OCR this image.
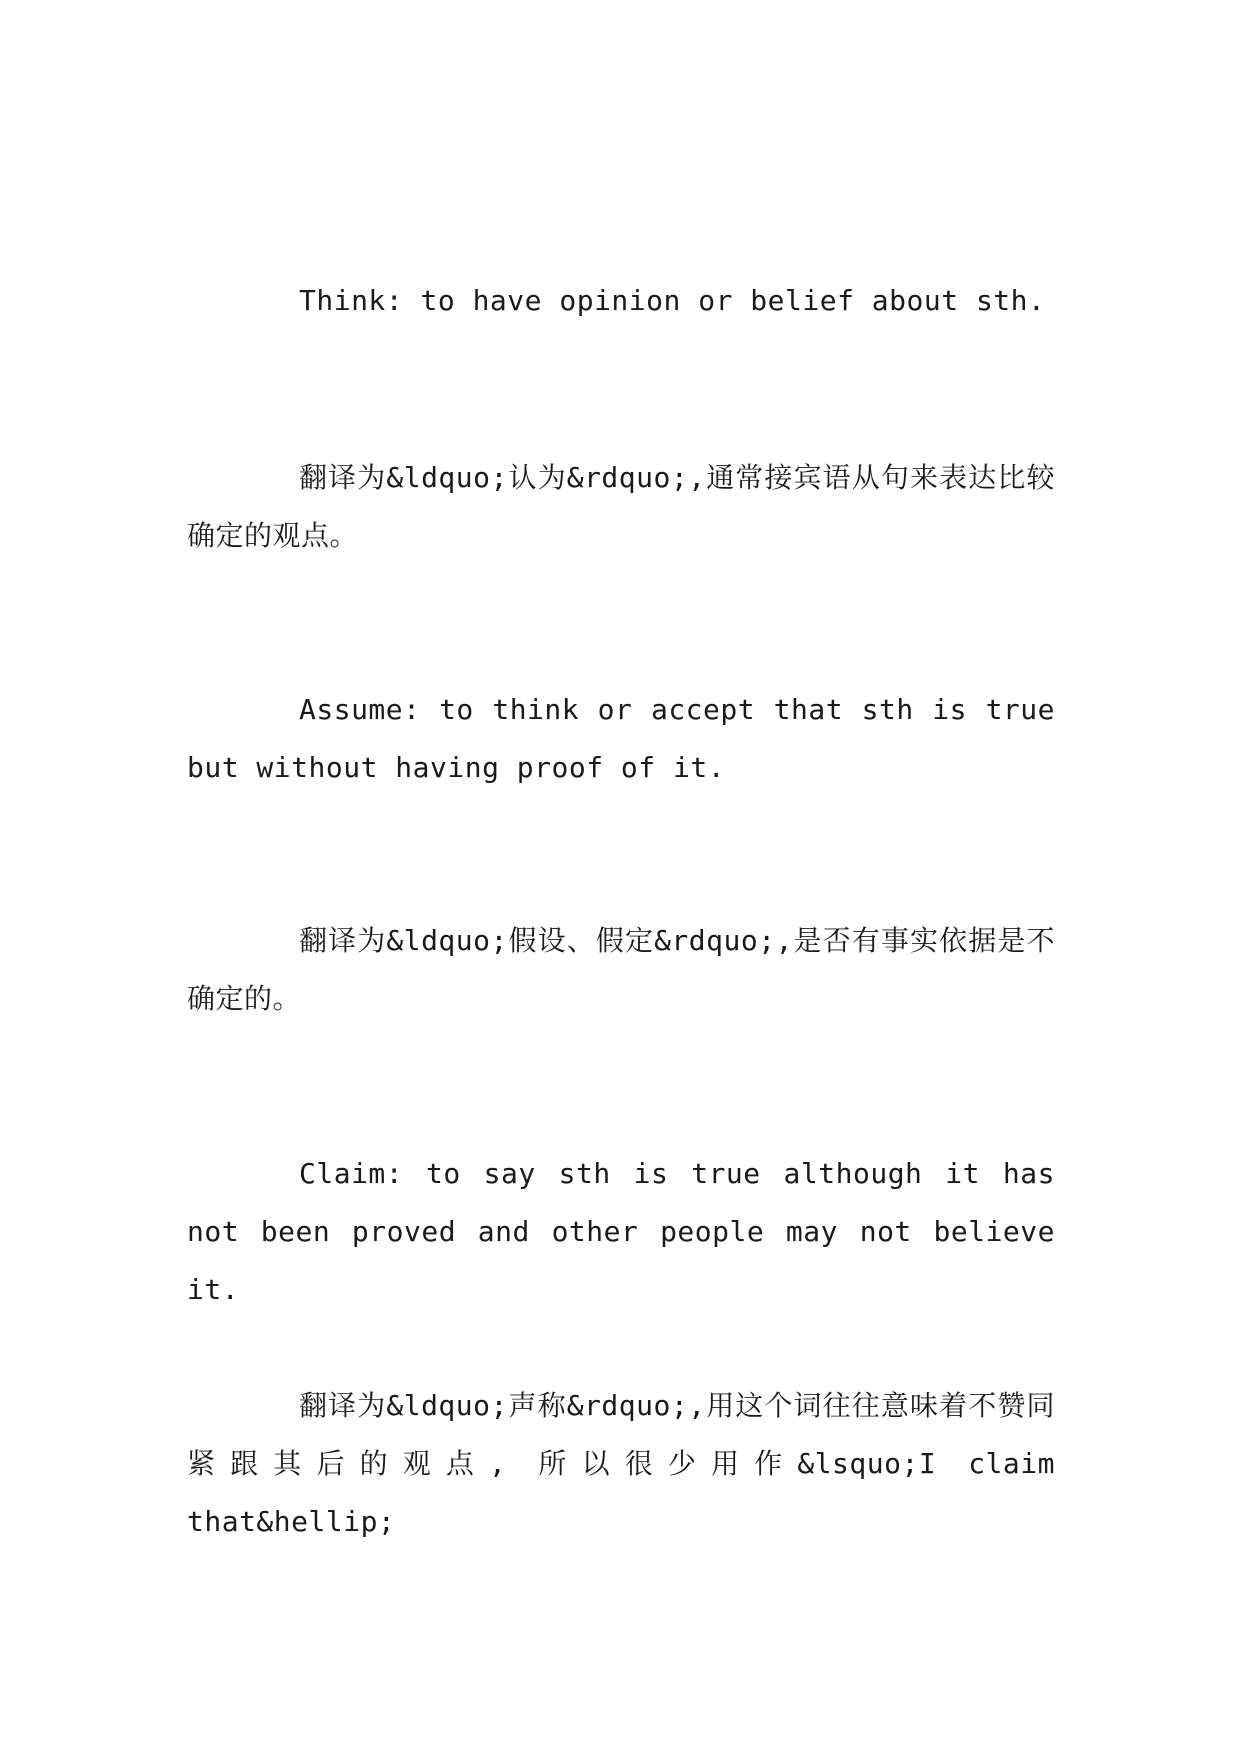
Think: to have opinion or belief about sth.

翻译为&ldquo;认为&rdquo;,通常接宾语从句来表达比较确定的观点。

Assume: to think or accept that sth is true but without having proof of it.

翻译为&ldquo;假设、假定&rdquo;,是否有事实依据是不确定的。

Claim: to say sth is true although it has not been proved and other people may not believe it.

翻译为&ldquo;声称&rdquo;,用这个词往往意味着不赞同紧跟其后的观点, 所以很少用作&lsquo;I claim that&hellip;
